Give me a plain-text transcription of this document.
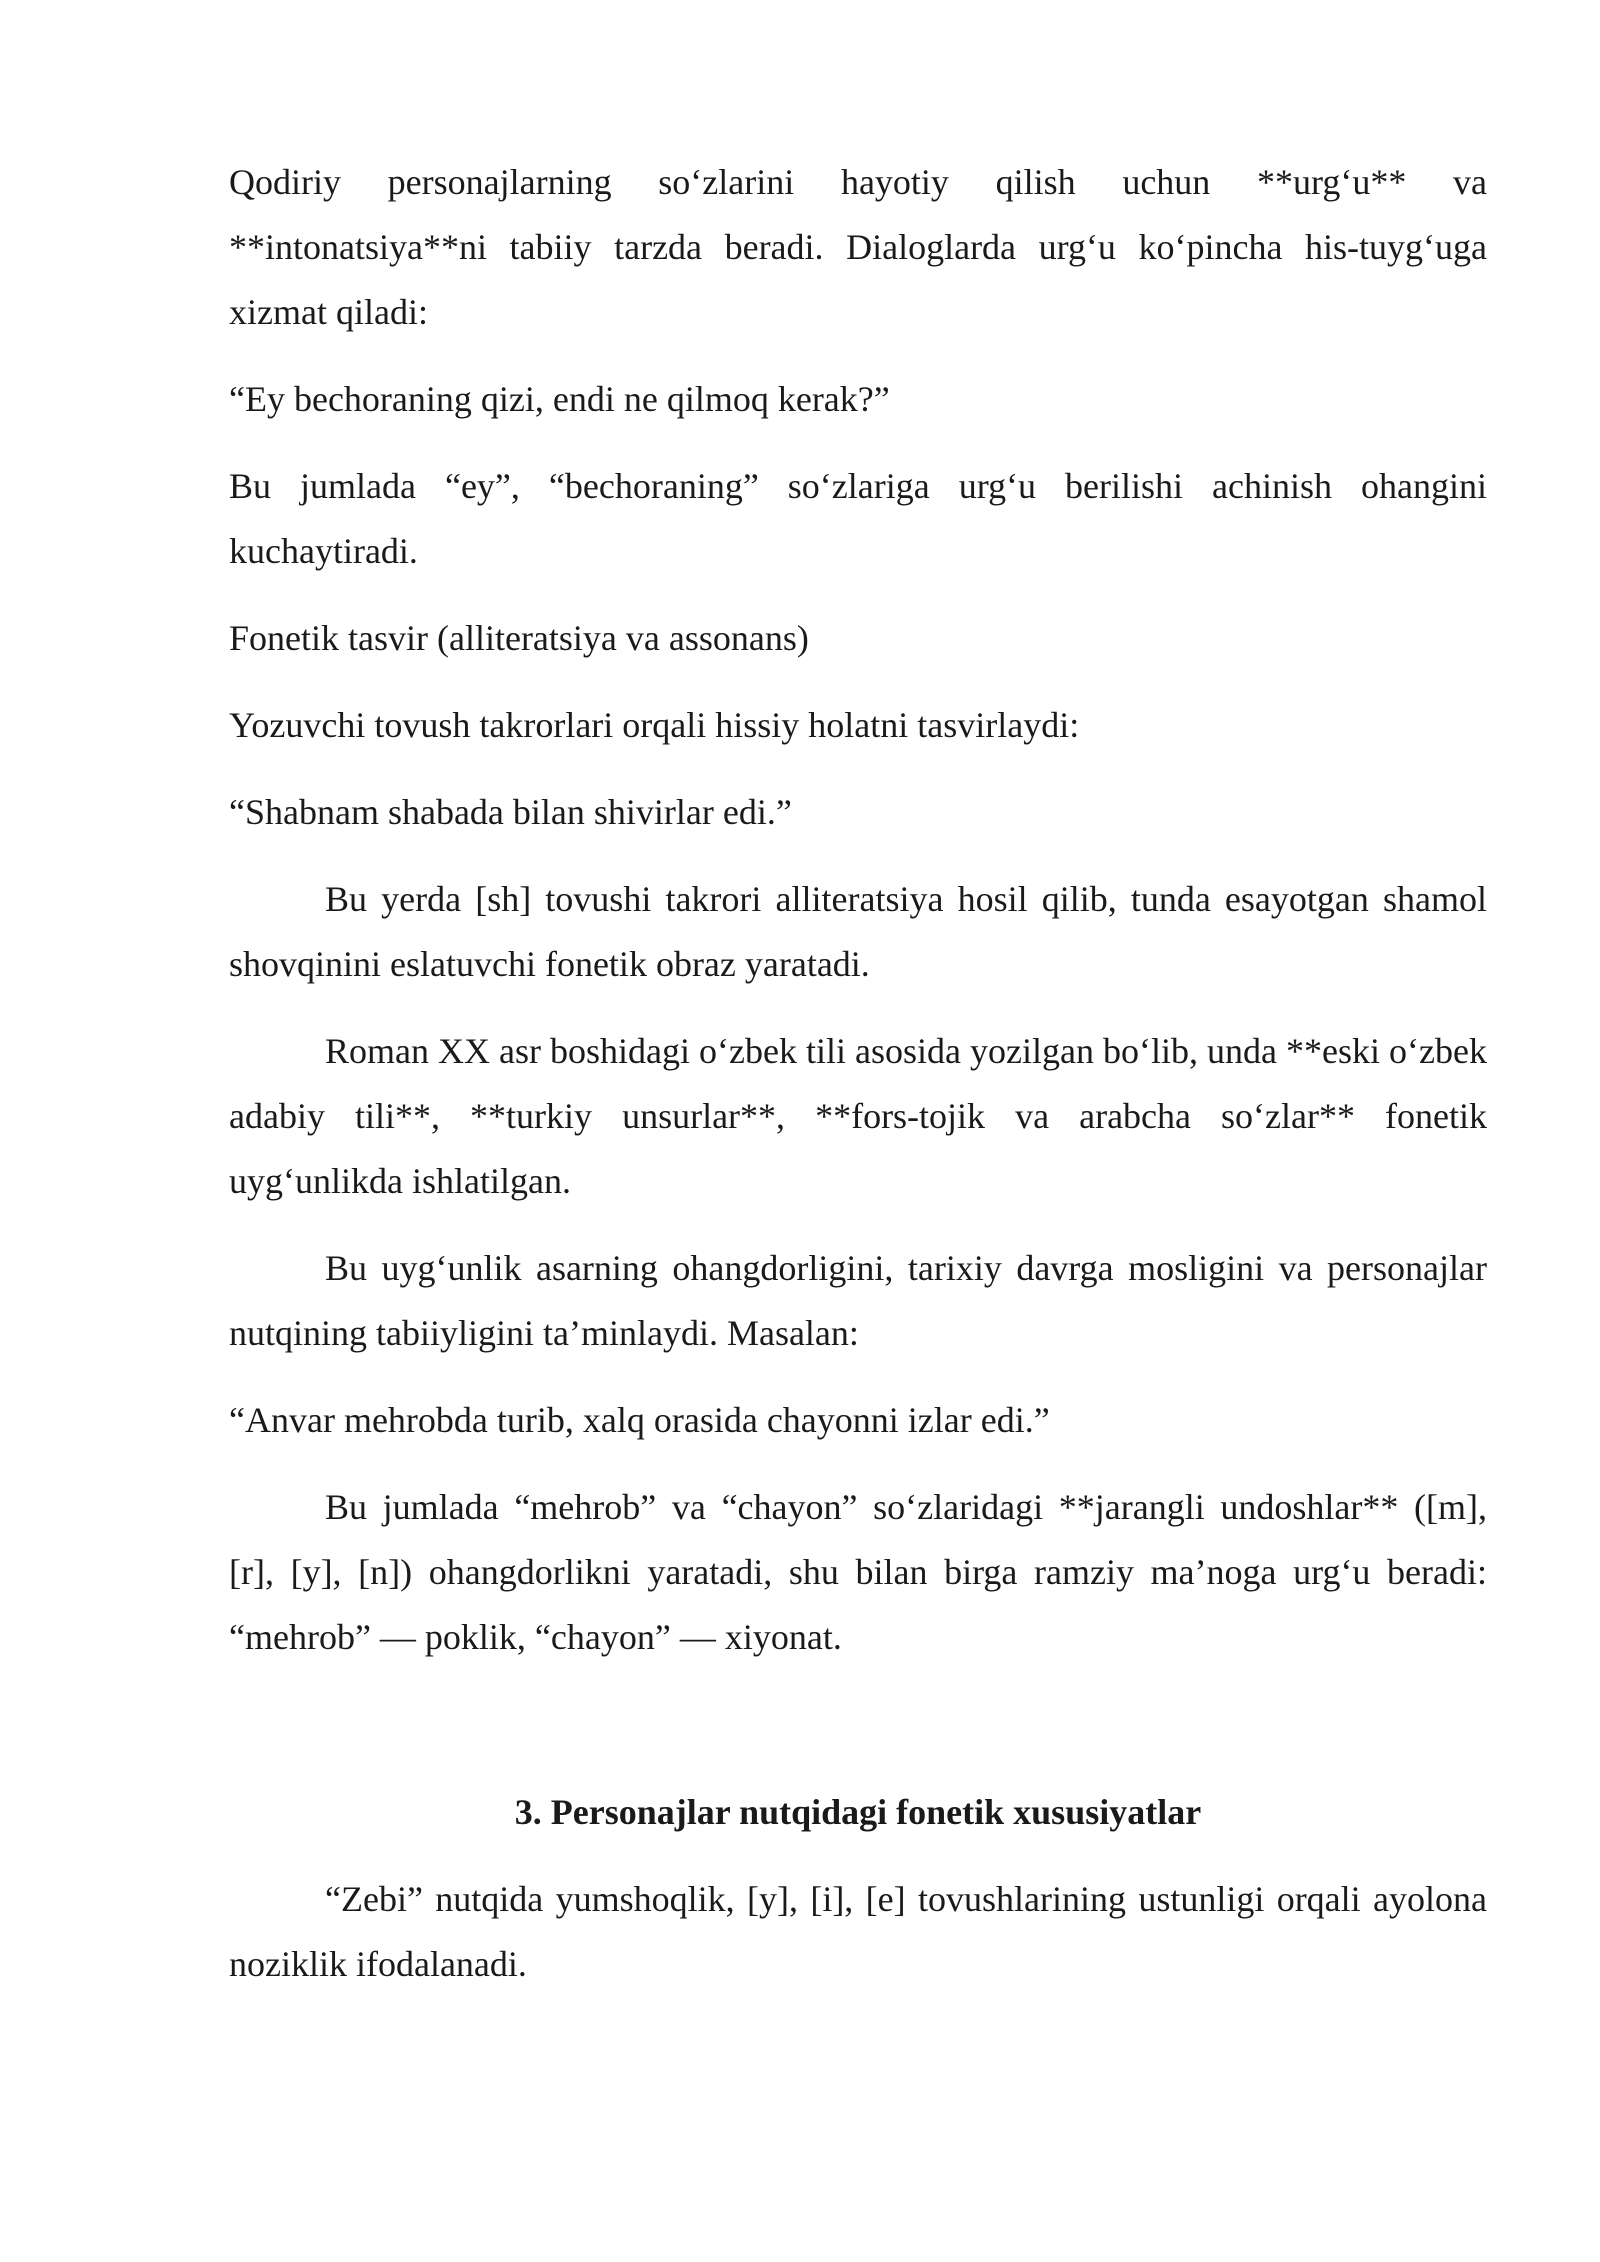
Qodiriy personajlarning so‘zlarini hayotiy qilish uchun **urg‘u** va **intonatsiya**ni tabiiy tarzda beradi. Dialoglarda urg‘u ko‘pincha his-tuyg‘uga xizmat qiladi:

“Ey bechoraning qizi, endi ne qilmoq kerak?”

Bu jumlada “ey”, “bechoraning” so‘zlariga urg‘u berilishi achinish ohangini kuchaytiradi.

Fonetik tasvir (alliteratsiya va assonans)

Yozuvchi tovush takrorlari orqali hissiy holatni tasvirlaydi:

“Shabnam shabada bilan shivirlar edi.”

Bu yerda [sh] tovushi takrori alliteratsiya hosil qilib, tunda esayotgan shamol shovqinini eslatuvchi fonetik obraz yaratadi.

Roman XX asr boshidagi o‘zbek tili asosida yozilgan bo‘lib, unda **eski o‘zbek adabiy tili**, **turkiy unsurlar**, **fors-tojik va arabcha so‘zlar** fonetik uyg‘unlikda ishlatilgan.

Bu uyg‘unlik asarning ohangdorligini, tarixiy davrga mosligini va personajlar nutqining tabiiyligini ta’minlaydi. Masalan:

“Anvar mehrobda turib, xalq orasida chayonni izlar edi.”

Bu jumlada “mehrob” va “chayon” so‘zlaridagi **jarangli undoshlar** ([m], [r], [y], [n]) ohangdorlikni yaratadi, shu bilan birga ramziy ma’noga urg‘u beradi: “mehrob” — poklik, “chayon” — xiyonat.

3. Personajlar nutqidagi fonetik xususiyatlar

“Zebi” nutqida yumshoqlik, [y], [i], [e] tovushlarining ustunligi orqali ayolona noziklik ifodalanadi.
